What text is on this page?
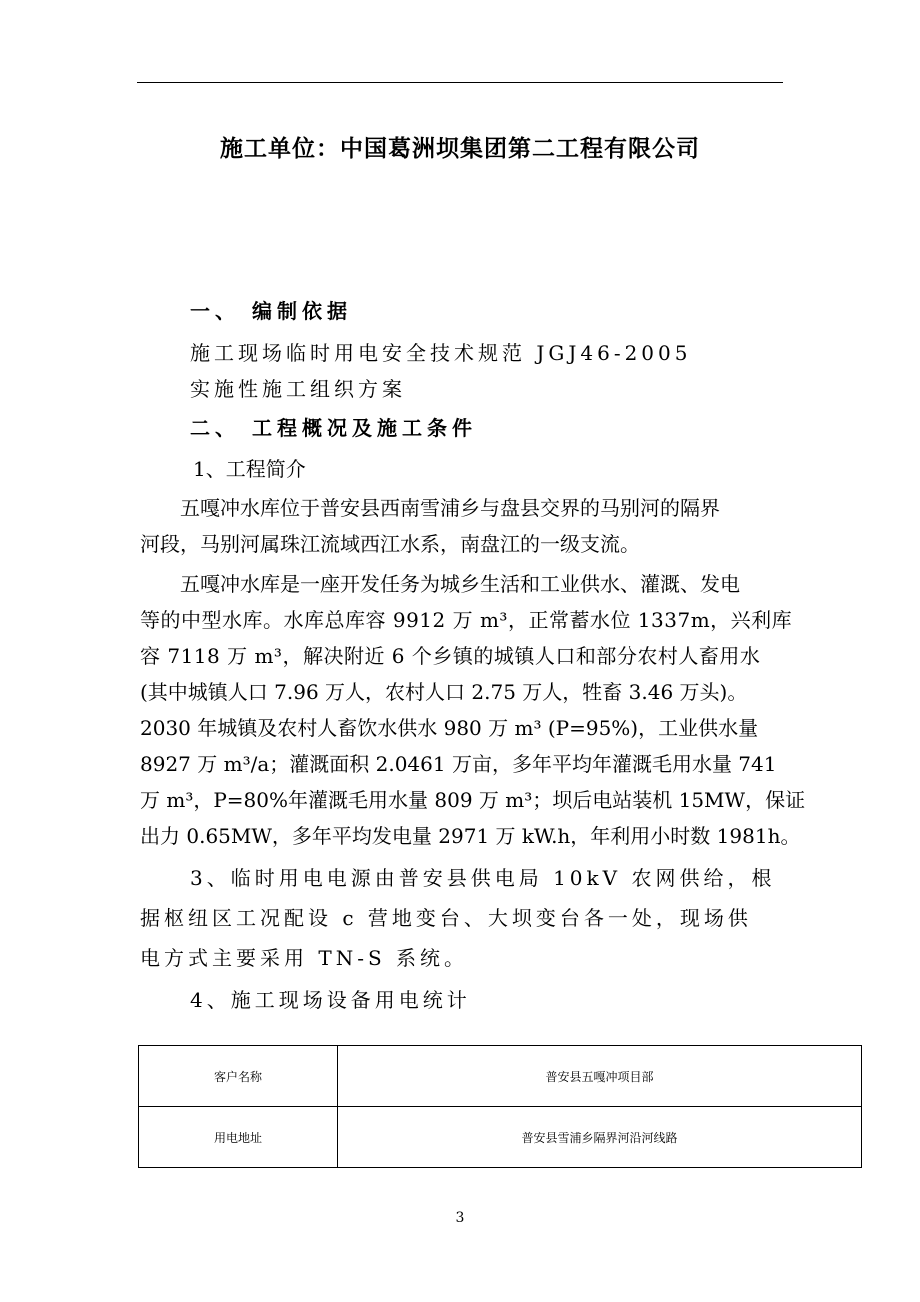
施工单位：中国葛洲坝集团第二工程有限公司
一、 编制依据
施工现场临时用电安全技术规范 JGJ46-2005
实施性施工组织方案
二、 工程概况及施工条件
1、工程简介
五嘎冲水库位于普安县西南雪浦乡与盘县交界的马别河的隔界
河段，马别河属珠江流域西江水系，南盘江的一级支流。
五嘎冲水库是一座开发任务为城乡生活和工业供水、灌溉、发电
等的中型水库。水库总库容 9912 万 m³，正常蓄水位 1337m，兴利库
容 7118 万 m³，解决附近 6 个乡镇的城镇人口和部分农村人畜用水
(其中城镇人口 7.96 万人，农村人口 2.75 万人，牲畜 3.46 万头)。
2030 年城镇及农村人畜饮水供水 980 万 m³ (P=95%)，工业供水量
8927 万 m³/a；灌溉面积 2.0461 万亩，多年平均年灌溉毛用水量 741
万 m³，P=80%年灌溉毛用水量 809 万 m³；坝后电站装机 15MW，保证
出力 0.65MW，多年平均发电量 2971 万 kW.h，年利用小时数 1981h。
3、临时用电电源由普安县供电局 10kV 农网供给，根
据枢纽区工况配设 c 营地变台、大坝变台各一处，现场供
电方式主要采用 TN-S 系统。
4、施工现场设备用电统计
客户名称	普安县五嘎冲项目部
用电地址	普安县雪浦乡隔界河沿河线路
3
